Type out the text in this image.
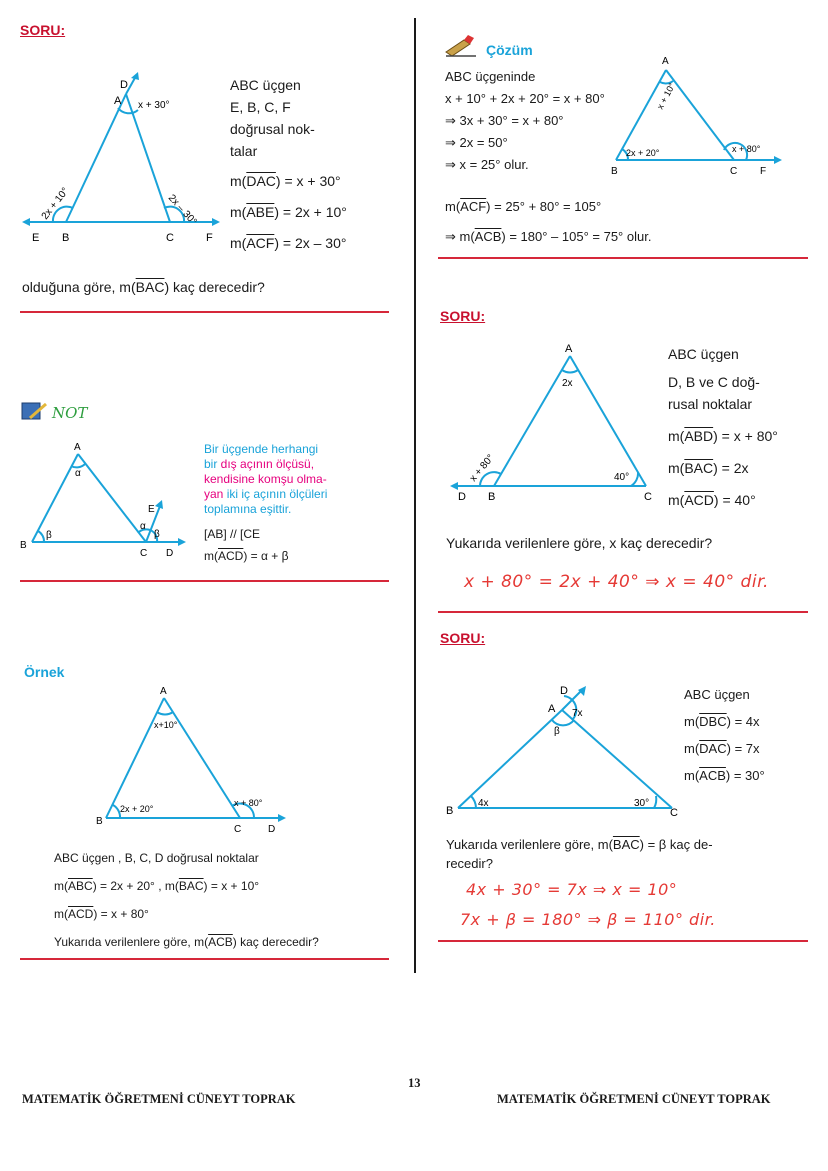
SORU:
D
A x + 30°
E B	C	F
2x + 10°	2x – 30°
ABC üçgen
E, B, C, F
doğrusal nok-
talar
$m(\overline{DAC}) = x + 30^\circ$
$m(\overline{ABE}) = 2x + 10^\circ$
$m(\overline{ACF}) = 2x - 30^\circ$
olduğuna göre, $m(\overline{BAC})$ kaç derecedir?
Çözüm
ABC üçgeninde
x + 10° + 2x + 20° = x + 80°
⇒ 3x + 30° = x + 80°
⇒ 2x = 50°
⇒ x = 25° olur.
A
B	C F
x + 10°
2x + 20°	x + 80°
$m(\overline{ACF}) = 25^\circ + 80^\circ = 105^\circ$
⇒ $m(\overline{ACB}) = 180^\circ - 105^\circ = 75^\circ$ olur.
NOT
A
B
C D
E
α
β
α
β
Bir üçgende herhangi
bir dış açının ölçüsü,
kendisine komşu olma-
yan iki iç açının ölçüleri
toplamına eşittir.
[AB] // [CE
$m(\overline{ACD}) = \alpha + \beta$
SORU:
A
2x
D B	C
x + 80°	40°
ABC üçgen
D, B ve C doğ-
rusal noktalar
$m(\overline{ABD}) = x + 80^\circ$
$m(\overline{BAC}) = 2x$
$m(\overline{ACD}) = 40^\circ$
Yukarıda verilenlere göre, x kaç derecedir?
x + 80° = 2x + 40° ⇒ x = 40° dir.
Örnek
A
x+10°
B
C	D
2x + 20°
x + 80°
ABC üçgen , B, C, D doğrusal noktalar
$m(\overline{ABC}) = 2x + 20^\circ$ , $m(\overline{BAC}) = x + 10^\circ$
$m(\overline{ACD}) = x + 80^\circ$
Yukarıda verilenlere göre, $m(\overline{ACB})$ kaç derecedir?
SORU:
D
A 7x
β
B	C
4x	30°
ABC üçgen
$m(\overline{DBC}) = 4x$
$m(\overline{DAC}) = 7x$
$m(\overline{ACB}) = 30^\circ$
Yukarıda verilenlere göre, $m(\overline{BAC}) = \beta$ kaç de-
recedir?
4x + 30° = 7x ⇒ x = 10°
7x + β = 180° ⇒ β = 110° dir.
13
MATEMATİK ÖĞRETMENİ CÜNEYT TOPRAK	MATEMATİK ÖĞRETMENİ CÜNEYT TOPRAK
